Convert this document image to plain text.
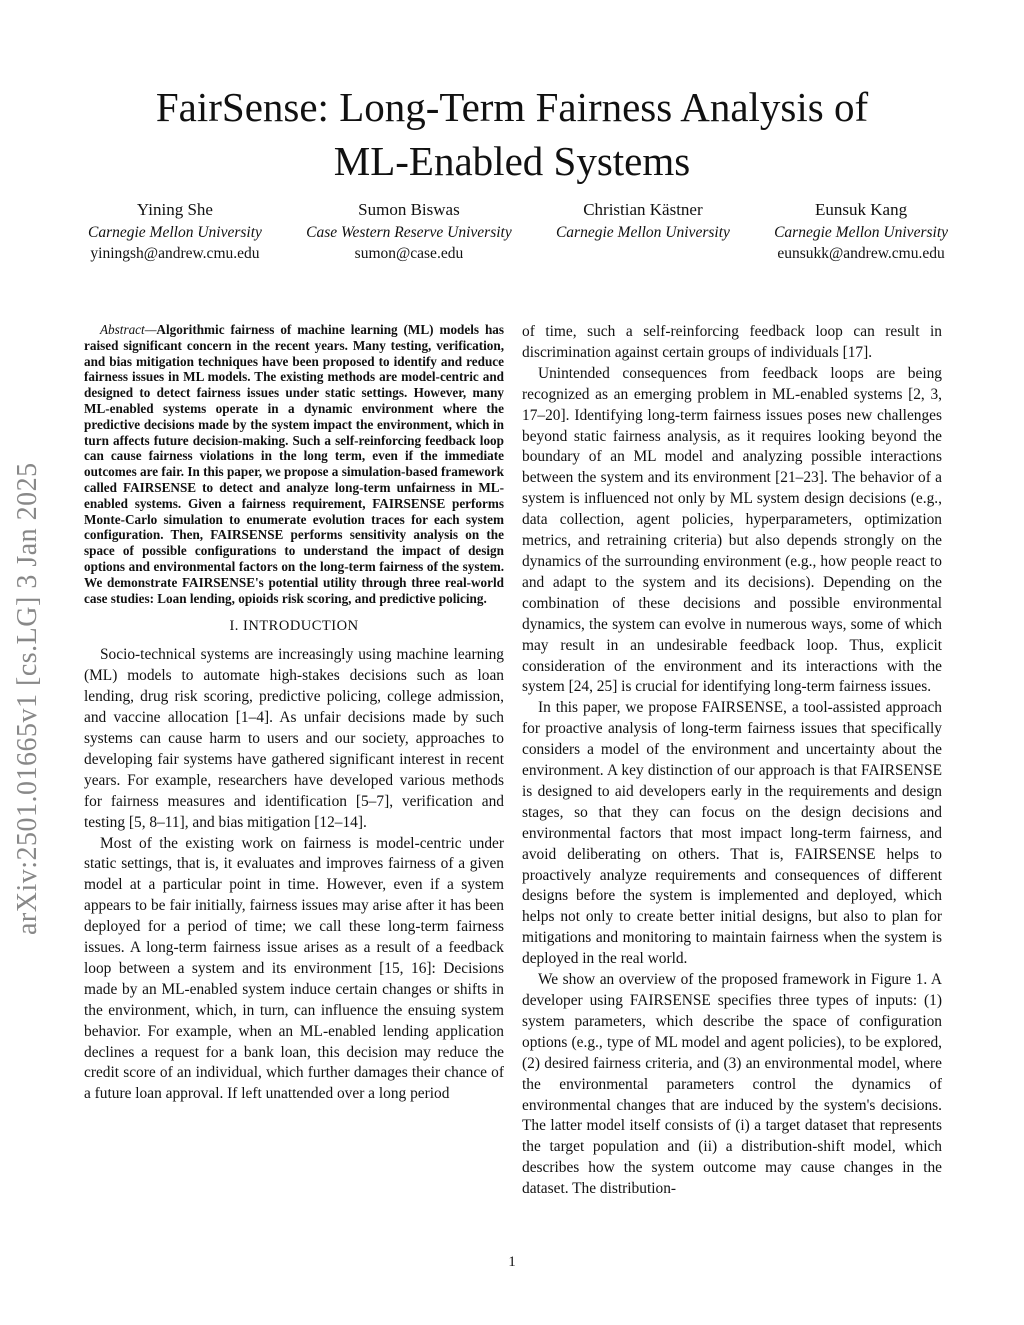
arXiv:2501.01665v1 [cs.LG] 3 Jan 2025
FairSense: Long-Term Fairness Analysis of
ML-Enabled Systems
Yining She
Carnegie Mellon University
yiningsh@andrew.cmu.edu
Sumon Biswas
Case Western Reserve University
sumon@case.edu
Christian Kästner
Carnegie Mellon University
Eunsuk Kang
Carnegie Mellon University
eunsukk@andrew.cmu.edu

Abstract—Algorithmic fairness of machine learning (ML) models has raised significant concern in the recent years. Many testing, verification, and bias mitigation techniques have been proposed to identify and reduce fairness issues in ML models. The existing methods are model-centric and designed to detect fairness issues under static settings. However, many ML-enabled systems operate in a dynamic environment where the predictive decisions made by the system impact the environment, which in turn affects future decision-making. Such a self-reinforcing feedback loop can cause fairness violations in the long term, even if the immediate outcomes are fair. In this paper, we propose a simulation-based framework called FAIRSENSE to detect and analyze long-term unfairness in ML-enabled systems. Given a fairness requirement, FAIRSENSE performs Monte-Carlo simulation to enumerate evolution traces for each system configuration. Then, FAIRSENSE performs sensitivity analysis on the space of possible configurations to understand the impact of design options and environmental factors on the long-term fairness of the system. We demonstrate FAIRSENSE's potential utility through three real-world case studies: Loan lending, opioids risk scoring, and predictive policing.

I. INTRODUCTION

Socio-technical systems are increasingly using machine learning (ML) models to automate high-stakes decisions such as loan lending, drug risk scoring, predictive policing, college admission, and vaccine allocation [1–4]. As unfair decisions made by such systems can cause harm to users and our society, approaches to developing fair systems have gathered significant interest in recent years. For example, researchers have developed various methods for fairness measures and identification [5–7], verification and testing [5, 8–11], and bias mitigation [12–14].

Most of the existing work on fairness is model-centric under static settings, that is, it evaluates and improves fairness of a given model at a particular point in time. However, even if a system appears to be fair initially, fairness issues may arise after it has been deployed for a period of time; we call these long-term fairness issues. A long-term fairness issue arises as a result of a feedback loop between a system and its environment [15, 16]: Decisions made by an ML-enabled system induce certain changes or shifts in the environment, which, in turn, can influence the ensuing system behavior. For example, when an ML-enabled lending application declines a request for a bank loan, this decision may reduce the credit score of an individual, which further damages their chance of a future loan approval. If left unattended over a long period

of time, such a self-reinforcing feedback loop can result in discrimination against certain groups of individuals [17].

Unintended consequences from feedback loops are being recognized as an emerging problem in ML-enabled systems [2, 3, 17–20]. Identifying long-term fairness issues poses new challenges beyond static fairness analysis, as it requires looking beyond the boundary of an ML model and analyzing possible interactions between the system and its environment [21–23]. The behavior of a system is influenced not only by ML system design decisions (e.g., data collection, agent policies, hyperparameters, optimization metrics, and retraining criteria) but also depends strongly on the dynamics of the surrounding environment (e.g., how people react to and adapt to the system and its decisions). Depending on the combination of these decisions and possible environmental dynamics, the system can evolve in numerous ways, some of which may result in an undesirable feedback loop. Thus, explicit consideration of the environment and its interactions with the system [24, 25] is crucial for identifying long-term fairness issues.

In this paper, we propose FAIRSENSE, a tool-assisted approach for proactive analysis of long-term fairness issues that specifically considers a model of the environment and uncertainty about the environment. A key distinction of our approach is that FAIRSENSE is designed to aid developers early in the requirements and design stages, so that they can focus on the design decisions and environmental factors that most impact long-term fairness, and avoid deliberating on others. That is, FAIRSENSE helps to proactively analyze requirements and consequences of different designs before the system is implemented and deployed, which helps not only to create better initial designs, but also to plan for mitigations and monitoring to maintain fairness when the system is deployed in the real world.

We show an overview of the proposed framework in Figure 1. A developer using FAIRSENSE specifies three types of inputs: (1) system parameters, which describe the space of configuration options (e.g., type of ML model and agent policies), to be explored, (2) desired fairness criteria, and (3) an environmental model, where the environmental parameters control the dynamics of environmental changes that are induced by the system's decisions. The latter model itself consists of (i) a target dataset that represents the target population and (ii) a distribution-shift model, which describes how the system outcome may cause changes in the dataset. The distribution-

1
